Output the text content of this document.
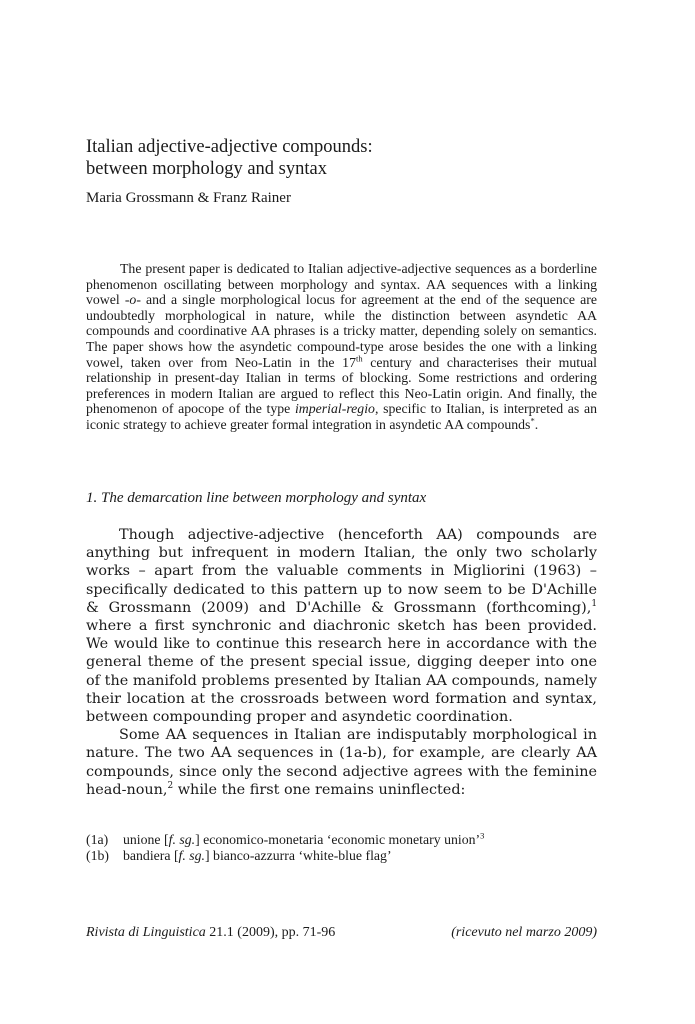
Italian adjective-adjective compounds:
between morphology and syntax
Maria Grossmann & Franz Rainer

The present paper is dedicated to Italian adjective-adjective sequences as a borderline phenomenon oscillating between morphology and syntax. AA sequences with a linking vowel -o- and a single morphological locus for agreement at the end of the sequence are undoubtedly morphological in nature, while the distinction between asyndetic AA compounds and coordinative AA phrases is a tricky matter, depending solely on semantics. The paper shows how the asyndetic compound-type arose besides the one with a linking vowel, taken over from Neo-Latin in the 17th century and characterises their mutual relationship in present-day Italian in terms of blocking. Some restrictions and ordering preferences in modern Italian are argued to reflect this Neo-Latin origin. And finally, the phenomenon of apocope of the type imperial-regio, specific to Italian, is interpreted as an iconic strategy to achieve greater formal integration in asyndetic AA compounds*.

1. The demarcation line between morphology and syntax

Though adjective-adjective (henceforth AA) compounds are anything but infrequent in modern Italian, the only two scholarly works – apart from the valuable comments in Migliorini (1963) – specifically dedicated to this pattern up to now seem to be D'Achille & Grossmann (2009) and D'Achille & Grossmann (forthcoming),$^1$ where a first synchronic and diachronic sketch has been provided. We would like to continue this research here in accordance with the general theme of the present special issue, digging deeper into one of the manifold problems presented by Italian AA compounds, namely their location at the crossroads between word formation and syntax, between compounding proper and asyndetic coordination.

Some AA sequences in Italian are indisputably morphological in nature. The two AA sequences in (1a-b), for example, are clearly AA compounds, since only the second adjective agrees with the feminine head-noun,$^2$ while the first one remains uninflected:

(1a)	unione [f. sg.] economico-monetaria ‘economic monetary union’$^3$
(1b)	bandiera [f. sg.] bianco-azzurra ‘white-blue flag’
Rivista di Linguistica 21.1 (2009), pp. 71-96	(ricevuto nel marzo 2009)
